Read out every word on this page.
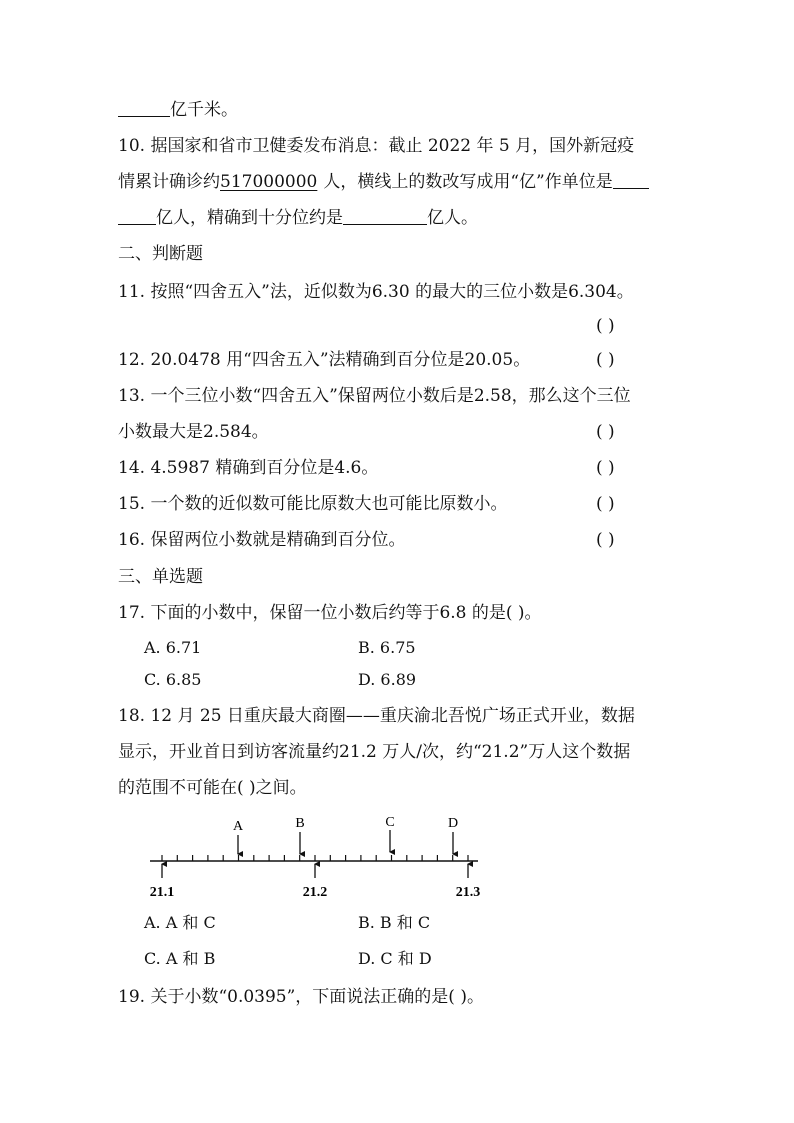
亿千米。
10. 据国家和省市卫健委发布消息：截止 2022 年 5 月，国外新冠疫
情累计确诊约517000000 人，横线上的数改写成用“亿”作单位是
亿人，精确到十分位约是	亿人。
二、判断题
11. 按照“四舍五入”法，近似数为6.30 的最大的三位小数是6.304。
( )
12. 20.0478 用“四舍五入”法精确到百分位是20.05。	( )
13. 一个三位小数“四舍五入”保留两位小数后是2.58，那么这个三位
小数最大是2.584。	( )
14. 4.5987 精确到百分位是4.6。	( )
15. 一个数的近似数可能比原数大也可能比原数小。	( )
16. 保留两位小数就是精确到百分位。	( )
三、单选题
17. 下面的小数中，保留一位小数后约等于6.8 的是( )。
A. 6.71	B. 6.75
C. 6.85	D. 6.89
18. 12 月 25 日重庆最大商圈——重庆渝北吾悦广场正式开业，数据
显示，开业首日到访客流量约21.2 万人/次，约“21.2”万人这个数据
的范围不可能在( )之间。
A	B	C	D
21.1	21.2	21.3
A. A 和 C	B. B 和 C
C. A 和 B	D. C 和 D
19. 关于小数“0.0395”，下面说法正确的是( )。
